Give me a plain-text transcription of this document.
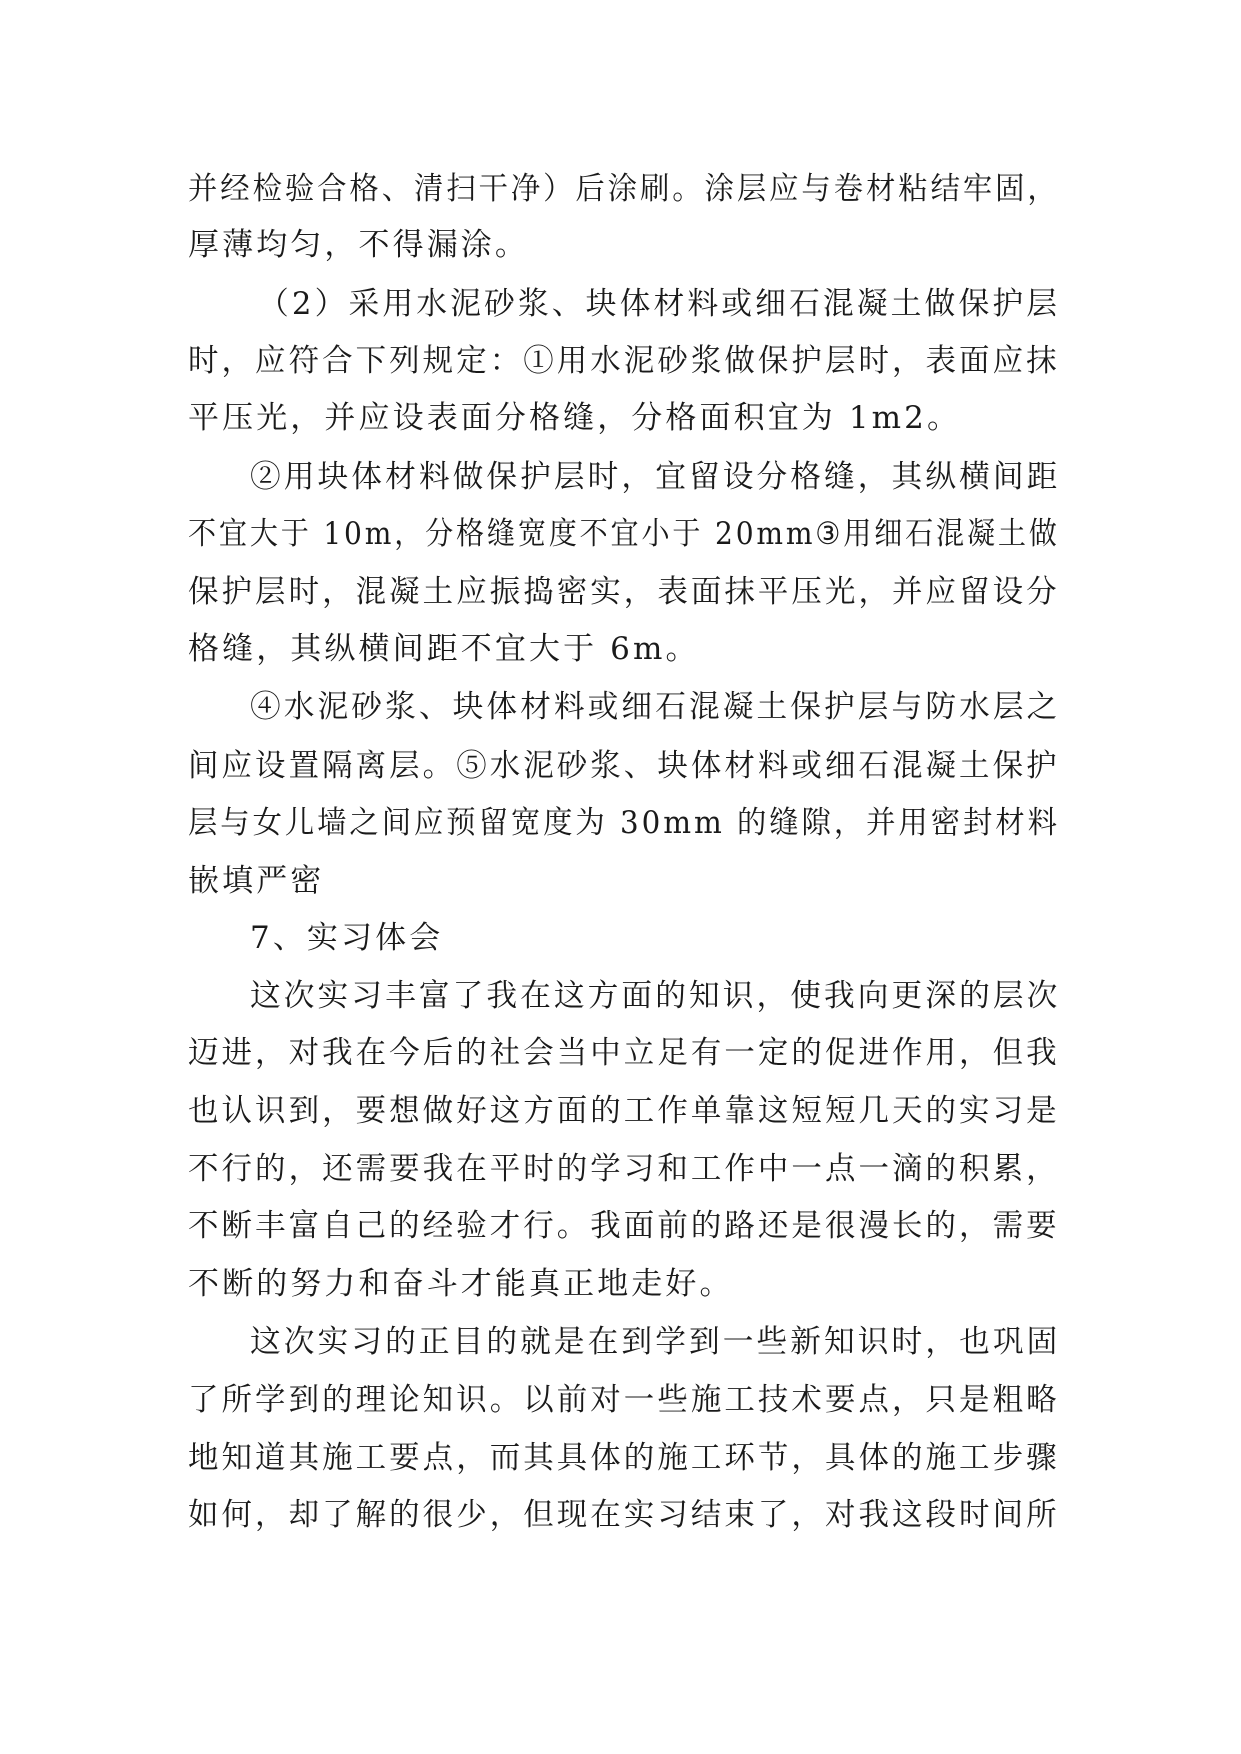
并经检验合格、清扫干净）后涂刷。涂层应与卷材粘结牢固，

厚薄均匀，不得漏涂。

（2）采用水泥砂浆、块体材料或细石混凝土做保护层

时，应符合下列规定：①用水泥砂浆做保护层时，表面应抹

平压光，并应设表面分格缝，分格面积宜为 1m2。

②用块体材料做保护层时，宜留设分格缝，其纵横间距

不宜大于 10m，分格缝宽度不宜小于 20mm③用细石混凝土做

保护层时，混凝土应振捣密实，表面抹平压光，并应留设分

格缝，其纵横间距不宜大于 6m。

④水泥砂浆、块体材料或细石混凝土保护层与防水层之

间应设置隔离层。⑤水泥砂浆、块体材料或细石混凝土保护

层与女儿墙之间应预留宽度为 30mm 的缝隙，并用密封材料

嵌填严密

7、实习体会

这次实习丰富了我在这方面的知识，使我向更深的层次

迈进，对我在今后的社会当中立足有一定的促进作用，但我

也认识到，要想做好这方面的工作单靠这短短几天的实习是

不行的，还需要我在平时的学习和工作中一点一滴的积累，

不断丰富自己的经验才行。我面前的路还是很漫长的，需要

不断的努力和奋斗才能真正地走好。

这次实习的正目的就是在到学到一些新知识时，也巩固

了所学到的理论知识。以前对一些施工技术要点，只是粗略

地知道其施工要点，而其具体的施工环节，具体的施工步骤

如何，却了解的很少，但现在实习结束了，对我这段时间所
